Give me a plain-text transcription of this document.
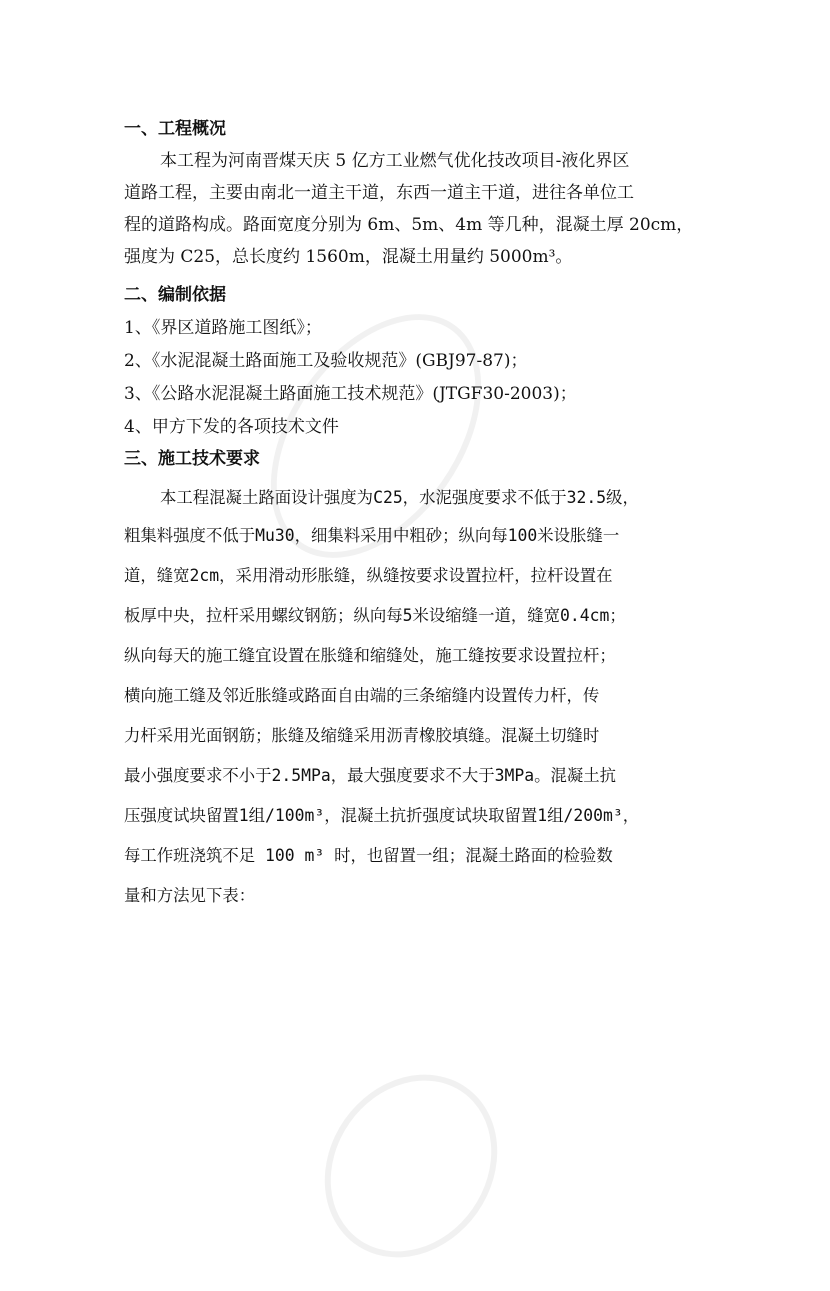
一、工程概况
本工程为河南晋煤天庆 5 亿方工业燃气优化技改项目-液化界区
道路工程，主要由南北一道主干道，东西一道主干道，进往各单位工
程的道路构成。路面宽度分别为 6m、5m、4m 等几种，混凝土厚 20cm，
强度为 C25，总长度约 1560m，混凝土用量约 5000m³。
二、编制依据
1、《界区道路施工图纸》；
2、《水泥混凝土路面施工及验收规范》(GBJ97-87)；
3、《公路水泥混凝土路面施工技术规范》(JTGF30-2003)；
4、甲方下发的各项技术文件
三、施工技术要求
本工程混凝土路面设计强度为C25，水泥强度要求不低于32.5级，
粗集料强度不低于Mu30，细集料采用中粗砂；纵向每100米设胀缝一
道，缝宽2cm，采用滑动形胀缝，纵缝按要求设置拉杆，拉杆设置在
板厚中央，拉杆采用螺纹钢筋；纵向每5米设缩缝一道，缝宽0.4cm；
纵向每天的施工缝宜设置在胀缝和缩缝处，施工缝按要求设置拉杆；
横向施工缝及邻近胀缝或路面自由端的三条缩缝内设置传力杆，传
力杆采用光面钢筋；胀缝及缩缝采用沥青橡胶填缝。混凝土切缝时
最小强度要求不小于2.5MPa，最大强度要求不大于3MPa。混凝土抗
压强度试块留置1组/100m³，混凝土抗折强度试块取留置1组/200m³，
每工作班浇筑不足 100 m³ 时，也留置一组；混凝土路面的检验数
量和方法见下表：
